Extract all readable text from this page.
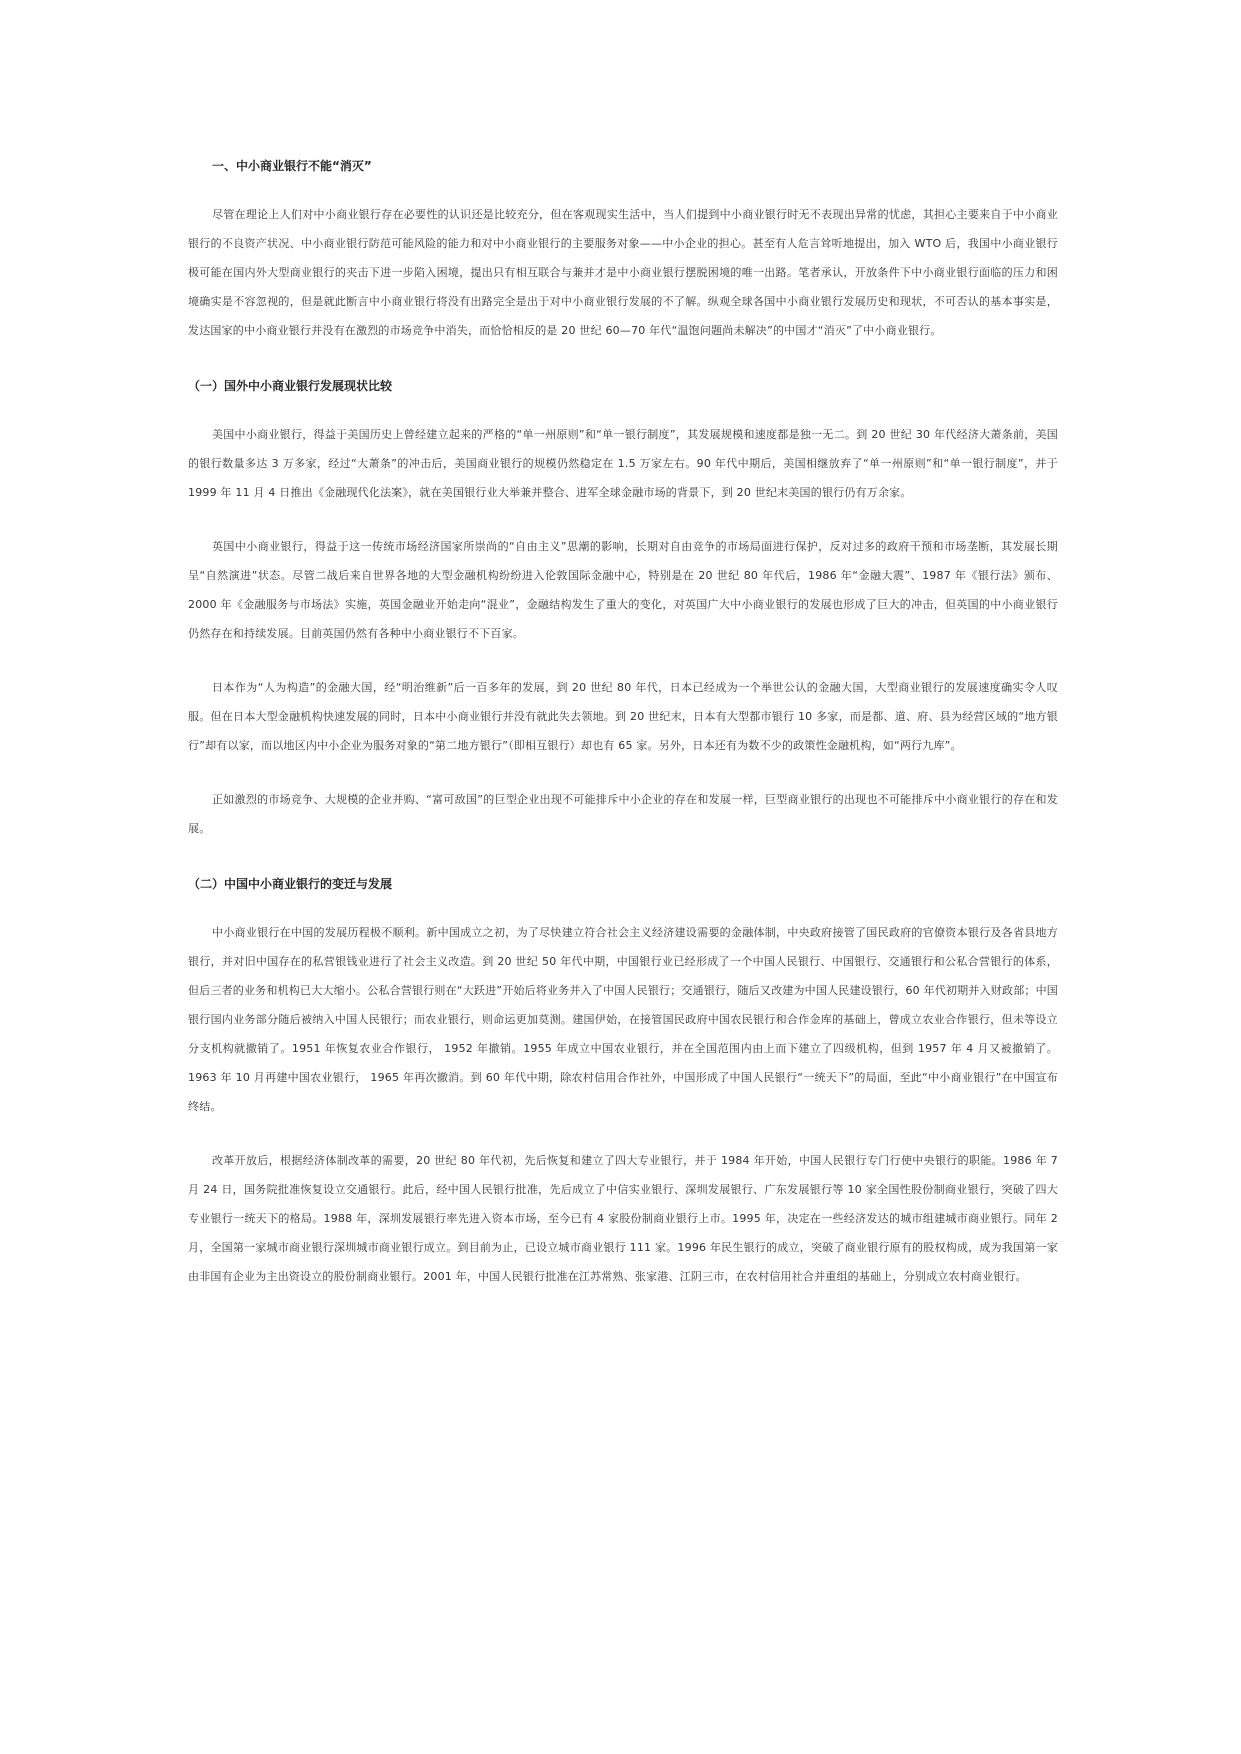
一、中小商业银行不能“消灭”

尽管在理论上人们对中小商业银行存在必要性的认识还是比较充分，但在客观现实生活中，当人们提到中小商业银行时无不表现出异常的忧虑，其担心主要来自于中小商业银行的不良资产状况、中小商业银行防范可能风险的能力和对中小商业银行的主要服务对象——中小企业的担心。甚至有人危言耸听地提出，加入 WTO 后，我国中小商业银行极可能在国内外大型商业银行的夹击下进一步陷入困境，提出只有相互联合与兼并才是中小商业银行摆脱困境的唯一出路。笔者承认，开放条件下中小商业银行面临的压力和困境确实是不容忽视的，但是就此断言中小商业银行将没有出路完全是出于对中小商业银行发展的不了解。纵观全球各国中小商业银行发展历史和现状，不可否认的基本事实是，发达国家的中小商业银行并没有在激烈的市场竞争中消失，而恰恰相反的是 20 世纪 60—70 年代“温饱问题尚未解决”的中国才“消灭”了中小商业银行。

（一）国外中小商业银行发展现状比较

美国中小商业银行，得益于美国历史上曾经建立起来的严格的“单一州原则”和“单一银行制度”，其发展规模和速度都是独一无二。到 20 世纪 30 年代经济大萧条前，美国的银行数量多达 3 万多家，经过“大萧条”的冲击后，美国商业银行的规模仍然稳定在 1.5 万家左右。90 年代中期后，美国相继放弃了“单一州原则”和“单一银行制度”，并于 1999 年 11 月 4 日推出《金融现代化法案》，就在美国银行业大举兼并整合、进军全球金融市场的背景下，到 20 世纪末美国的银行仍有万余家。

英国中小商业银行，得益于这一传统市场经济国家所崇尚的“自由主义”思潮的影响，长期对自由竞争的市场局面进行保护，反对过多的政府干预和市场垄断，其发展长期呈“自然演进”状态。尽管二战后来自世界各地的大型金融机构纷纷进入伦敦国际金融中心，特别是在 20 世纪 80 年代后，1986 年“金融大震”、1987 年《银行法》颁布、2000 年《金融服务与市场法》实施，英国金融业开始走向“混业”，金融结构发生了重大的变化，对英国广大中小商业银行的发展也形成了巨大的冲击，但英国的中小商业银行仍然存在和持续发展。目前英国仍然有各种中小商业银行不下百家。

日本作为“人为构造”的金融大国，经“明治维新”后一百多年的发展，到 20 世纪 80 年代，日本已经成为一个举世公认的金融大国，大型商业银行的发展速度确实令人叹服。但在日本大型金融机构快速发展的同时，日本中小商业银行并没有就此失去领地。到 20 世纪末，日本有大型都市银行 10 多家，而是都、道、府、县为经营区域的“地方银行”却有以家，而以地区内中小企业为服务对象的“第二地方银行”（即相互银行）却也有 65 家。另外，日本还有为数不少的政策性金融机构，如“两行九库”。

正如激烈的市场竞争、大规模的企业并购、“富可敌国”的巨型企业出现不可能排斥中小企业的存在和发展一样，巨型商业银行的出现也不可能排斥中小商业银行的存在和发展。

（二）中国中小商业银行的变迁与发展

中小商业银行在中国的发展历程极不顺利。新中国成立之初，为了尽快建立符合社会主义经济建设需要的金融体制，中央政府接管了国民政府的官僚资本银行及各省县地方银行，并对旧中国存在的私营银钱业进行了社会主义改造。到 20 世纪 50 年代中期，中国银行业已经形成了一个中国人民银行、中国银行、交通银行和公私合营银行的体系，但后三者的业务和机构已大大缩小。公私合营银行则在“大跃进”开始后将业务并入了中国人民银行；交通银行，随后又改建为中国人民建设银行，60 年代初期并入财政部；中国银行国内业务部分随后被纳入中国人民银行；而农业银行，则命运更加莫测。建国伊始，在接管国民政府中国农民银行和合作金库的基础上，曾成立农业合作银行，但未等设立分支机构就撤销了。1951 年恢复农业合作银行， 1952 年撤销。1955 年成立中国农业银行，并在全国范围内由上而下建立了四级机构，但到 1957 年 4 月又被撤销了。1963 年 10 月再建中国农业银行， 1965 年再次撤消。到 60 年代中期，除农村信用合作社外，中国形成了中国人民银行“一统天下”的局面，至此“中小商业银行”在中国宣布终结。

改革开放后，根据经济体制改革的需要，20 世纪 80 年代初，先后恢复和建立了四大专业银行，并于 1984 年开始，中国人民银行专门行使中央银行的职能。1986 年 7 月 24 日，国务院批准恢复设立交通银行。此后，经中国人民银行批准，先后成立了中信实业银行、深圳发展银行、广东发展银行等 10 家全国性股份制商业银行，突破了四大专业银行一统天下的格局。1988 年，深圳发展银行率先进入资本市场，至今已有 4 家股份制商业银行上市。1995 年，决定在一些经济发达的城市组建城市商业银行。同年 2 月，全国第一家城市商业银行深圳城市商业银行成立。到目前为止，已设立城市商业银行 111 家。1996 年民生银行的成立，突破了商业银行原有的股权构成，成为我国第一家由非国有企业为主出资设立的股份制商业银行。2001 年，中国人民银行批准在江苏常熟、张家港、江阴三市，在农村信用社合并重组的基础上，分别成立农村商业银行。
